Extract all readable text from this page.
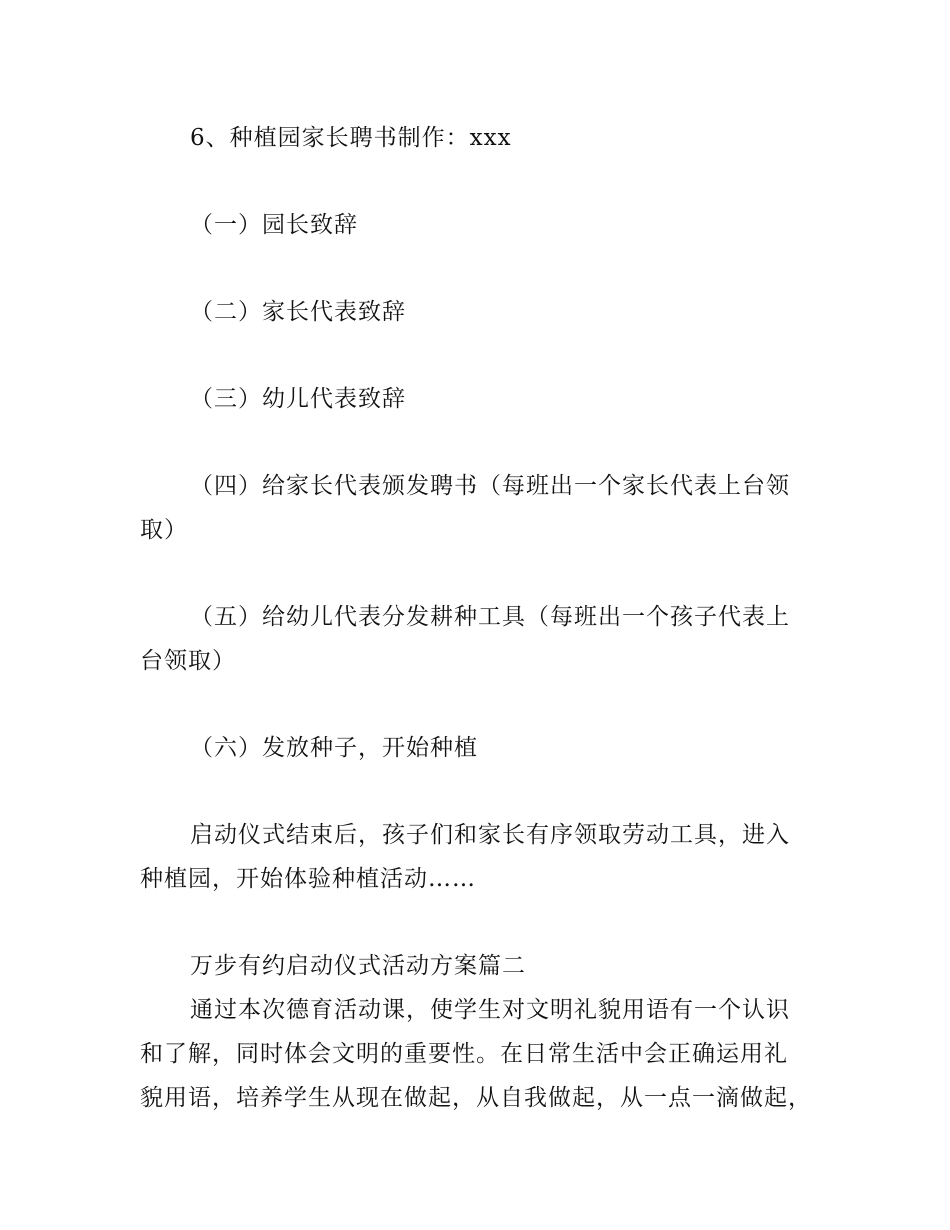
6、种植园家长聘书制作：xxx
（一）园长致辞
（二）家长代表致辞
（三）幼儿代表致辞
（四）给家长代表颁发聘书（每班出一个家长代表上台领
取）
（五）给幼儿代表分发耕种工具（每班出一个孩子代表上
台领取）
（六）发放种子，开始种植
启动仪式结束后，孩子们和家长有序领取劳动工具，进入
种植园，开始体验种植活动……
万步有约启动仪式活动方案篇二
通过本次德育活动课，使学生对文明礼貌用语有一个认识
和了解，同时体会文明的重要性。在日常生活中会正确运用礼
貌用语，培养学生从现在做起，从自我做起，从一点一滴做起，
